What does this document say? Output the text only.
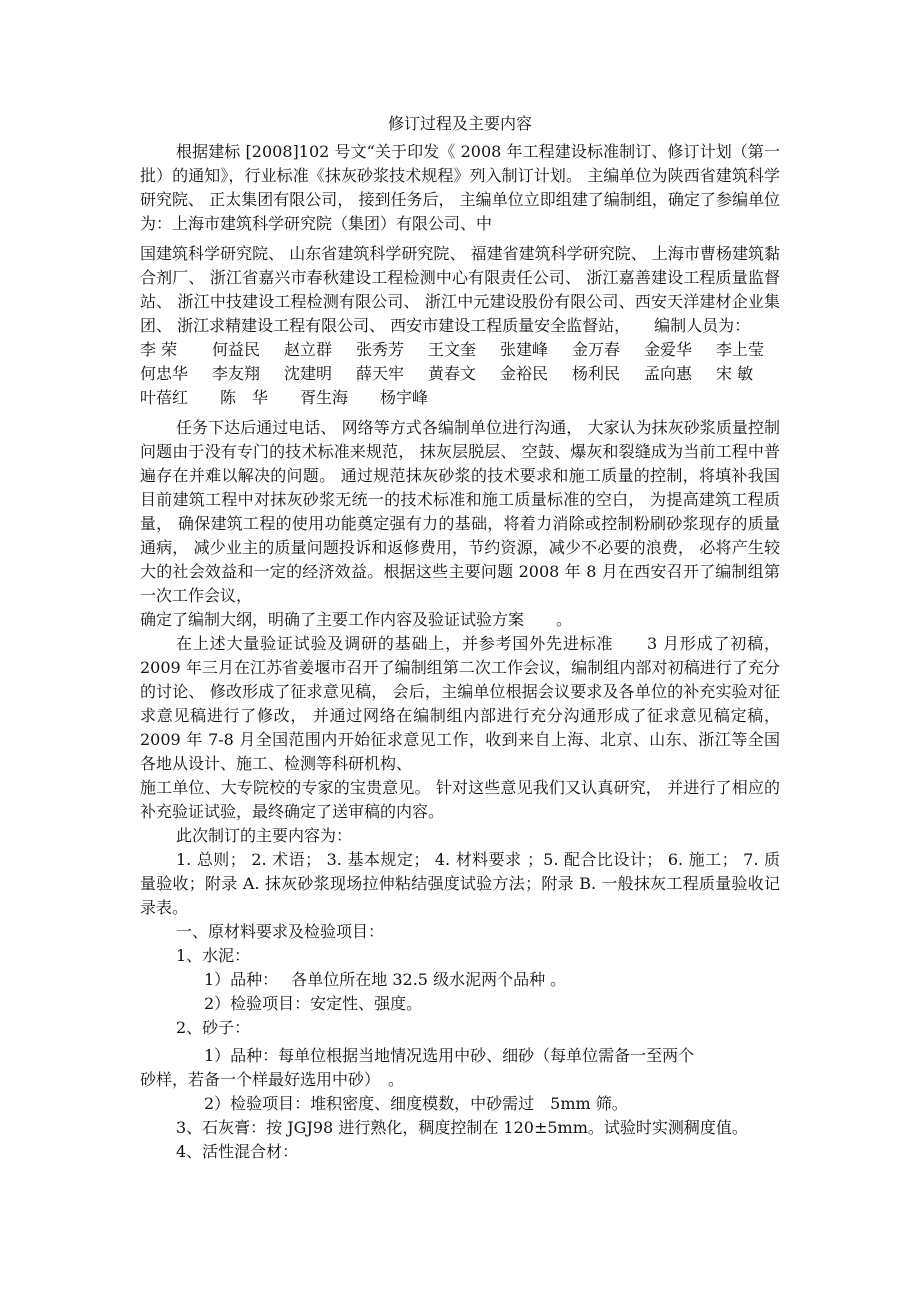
修订过程及主要内容

根据建标 [2008]102 号文“关于印发《 2008 年工程建设标准制订、修订计划（第一批）的通知》，行业标准《抹灰砂浆技术规程》列入制订计划。 主编单位为陕西省建筑科学研究院、 正太集团有限公司， 接到任务后， 主编单位立即组建了编制组，确定了参编单位为：上海市建筑科学研究院（集团）有限公司、中

国建筑科学研究院、 山东省建筑科学研究院、 福建省建筑科学研究院、 上海市曹杨建筑黏合剂厂、 浙江省嘉兴市春秋建设工程检测中心有限责任公司、 浙江嘉善建设工程质量监督站、 浙江中技建设工程检测有限公司、 浙江中元建设股份有限公司、西安天洋建材企业集团、 浙江求精建设工程有限公司、 西安市建设工程质量安全监督站，　　编制人员为：

李 荣	何益民	赵立群	张秀芳	王文奎	张建峰	金万春	金爱华	李上莹
何忠华	李友翔	沈建明	薛天牢	黄春文	金裕民	杨利民	孟向惠	宋 敏
叶蓓红	陈　华	胥生海	杨宇峰

任务下达后通过电话、 网络等方式各编制单位进行沟通， 大家认为抹灰砂浆质量控制问题由于没有专门的技术标准来规范， 抹灰层脱层、 空鼓、爆灰和裂缝成为当前工程中普遍存在并难以解决的问题。 通过规范抹灰砂浆的技术要求和施工质量的控制，将填补我国目前建筑工程中对抹灰砂浆无统一的技术标准和施工质量标准的空白， 为提高建筑工程质量， 确保建筑工程的使用功能奠定强有力的基础，将着力消除或控制粉刷砂浆现存的质量通病， 减少业主的质量问题投诉和返修费用，节约资源，减少不必要的浪费， 必将产生较大的社会效益和一定的经济效益。根据这些主要问题 2008 年 8 月在西安召开了编制组第一次工作会议，

确定了编制大纲，明确了主要工作内容及验证试验方案　　。

在上述大量验证试验及调研的基础上，并参考国外先进标准　　3 月形成了初稿， 2009 年三月在江苏省姜堰市召开了编制组第二次工作会议，编制组内部对初稿进行了充分的讨论、 修改形成了征求意见稿， 会后，主编单位根据会议要求及各单位的补充实验对征求意见稿进行了修改， 并通过网络在编制组内部进行充分沟通形成了征求意见稿定稿， 2009 年 7-8 月全国范围内开始征求意见工作，收到来自上海、北京、山东、浙江等全国各地从设计、施工、检测等科研机构、

施工单位、大专院校的专家的宝贵意见。 针对这些意见我们又认真研究， 并进行了相应的补充验证试验，最终确定了送审稿的内容。

此次制订的主要内容为：

1. 总则； 2. 术语； 3. 基本规定； 4. 材料要求 ；5. 配合比设计； 6. 施工； 7. 质量验收；附录 A. 抹灰砂浆现场拉伸粘结强度试验方法；附录 B. 一般抹灰工程质量验收记录表。

一、原材料要求及检验项目：

1、水泥：

1）品种：　 各单位所在地 32.5 级水泥两个品种 。

2）检验项目：安定性、强度。

2、砂子：

1）品种：每单位根据当地情况选用中砂、细砂（每单位需备一至两个

砂样，若备一个样最好选用中砂）　。

2）检验项目：堆积密度、细度模数，中砂需过　5mm 筛。

3、石灰膏：按 JGJ98 进行熟化，稠度控制在 120±5mm。试验时实测稠度值。

4、活性混合材：
